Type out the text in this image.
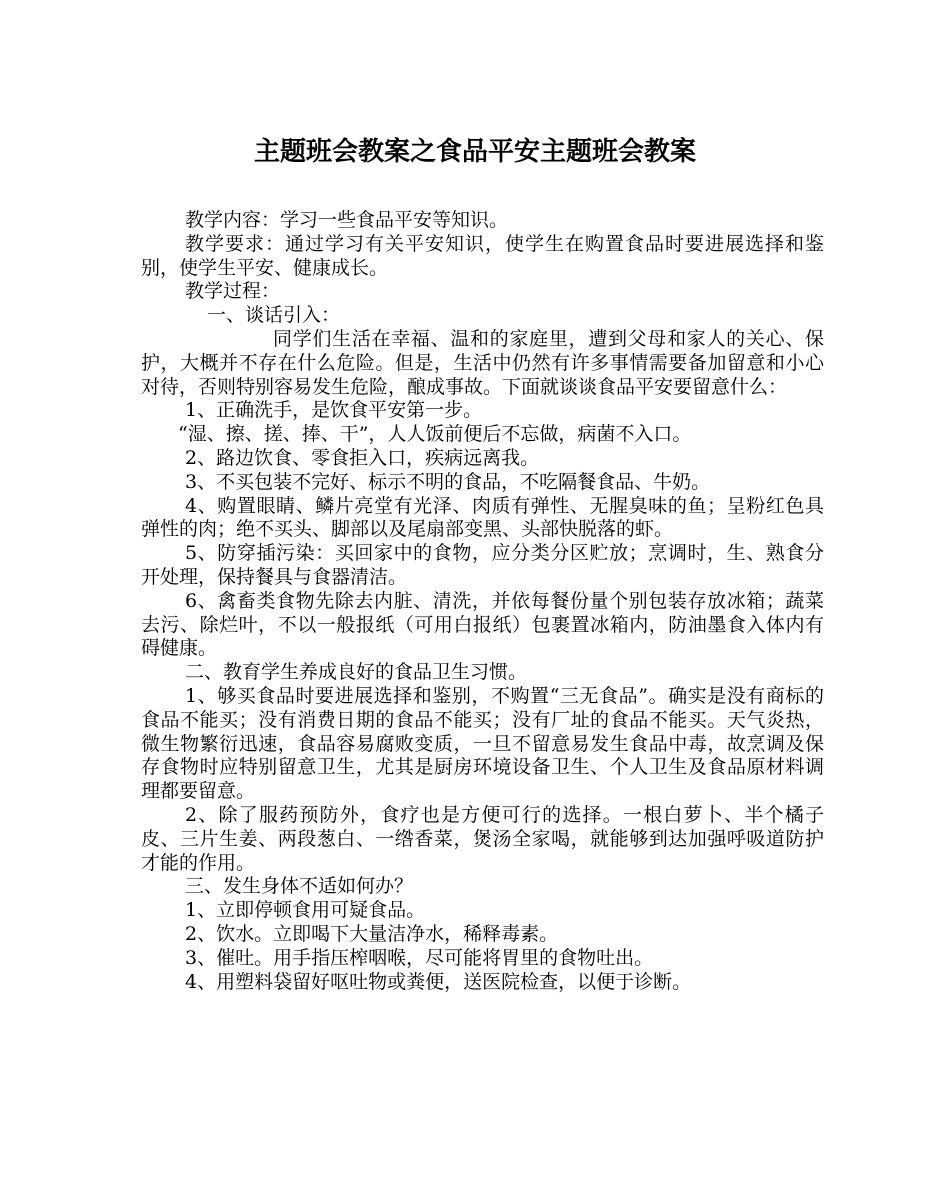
主题班会教案之食品平安主题班会教案

教学内容：学习一些食品平安等知识。

教学要求：通过学习有关平安知识，使学生在购置食品时要进展选择和鉴别，使学生平安、健康成长。

教学过程：

一、谈话引入：

同学们生活在幸福、温和的家庭里，遭到父母和家人的关心、保护，大概并不存在什么危险。但是，生活中仍然有许多事情需要备加留意和小心对待，否则特别容易发生危险，酿成事故。下面就谈谈食品平安要留意什么：

1、正确洗手，是饮食平安第一步。

“湿、擦、搓、捧、干”，人人饭前便后不忘做，病菌不入口。

2、路边饮食、零食拒入口，疾病远离我。

3、不买包装不完好、标示不明的食品，不吃隔餐食品、牛奶。

4、购置眼睛、鳞片亮堂有光泽、肉质有弹性、无腥臭味的鱼；呈粉红色具弹性的肉；绝不买头、脚部以及尾扇部变黑、头部快脱落的虾。

5、防穿插污染：买回家中的食物，应分类分区贮放；烹调时，生、熟食分开处理，保持餐具与食器清洁。

6、禽畜类食物先除去内脏、清洗，并依每餐份量个别包装存放冰箱；蔬菜去污、除烂叶，不以一般报纸（可用白报纸）包裹置冰箱内，防油墨食入体内有碍健康。

二、教育学生养成良好的食品卫生习惯。

1、够买食品时要进展选择和鉴别，不购置“三无食品”。确实是没有商标的食品不能买；没有消费日期的食品不能买；没有厂址的食品不能买。天气炎热，微生物繁衍迅速，食品容易腐败变质，一旦不留意易发生食品中毒，故烹调及保存食物时应特别留意卫生，尤其是厨房环境设备卫生、个人卫生及食品原材料调理都要留意。

2、除了服药预防外，食疗也是方便可行的选择。一根白萝卜、半个橘子皮、三片生姜、两段葱白、一绺香菜，煲汤全家喝，就能够到达加强呼吸道防护才能的作用。

三、发生身体不适如何办？

1、立即停顿食用可疑食品。

2、饮水。立即喝下大量洁净水，稀释毒素。

3、催吐。用手指压榨咽喉，尽可能将胃里的食物吐出。

4、用塑料袋留好呕吐物或粪便，送医院检查，以便于诊断。
